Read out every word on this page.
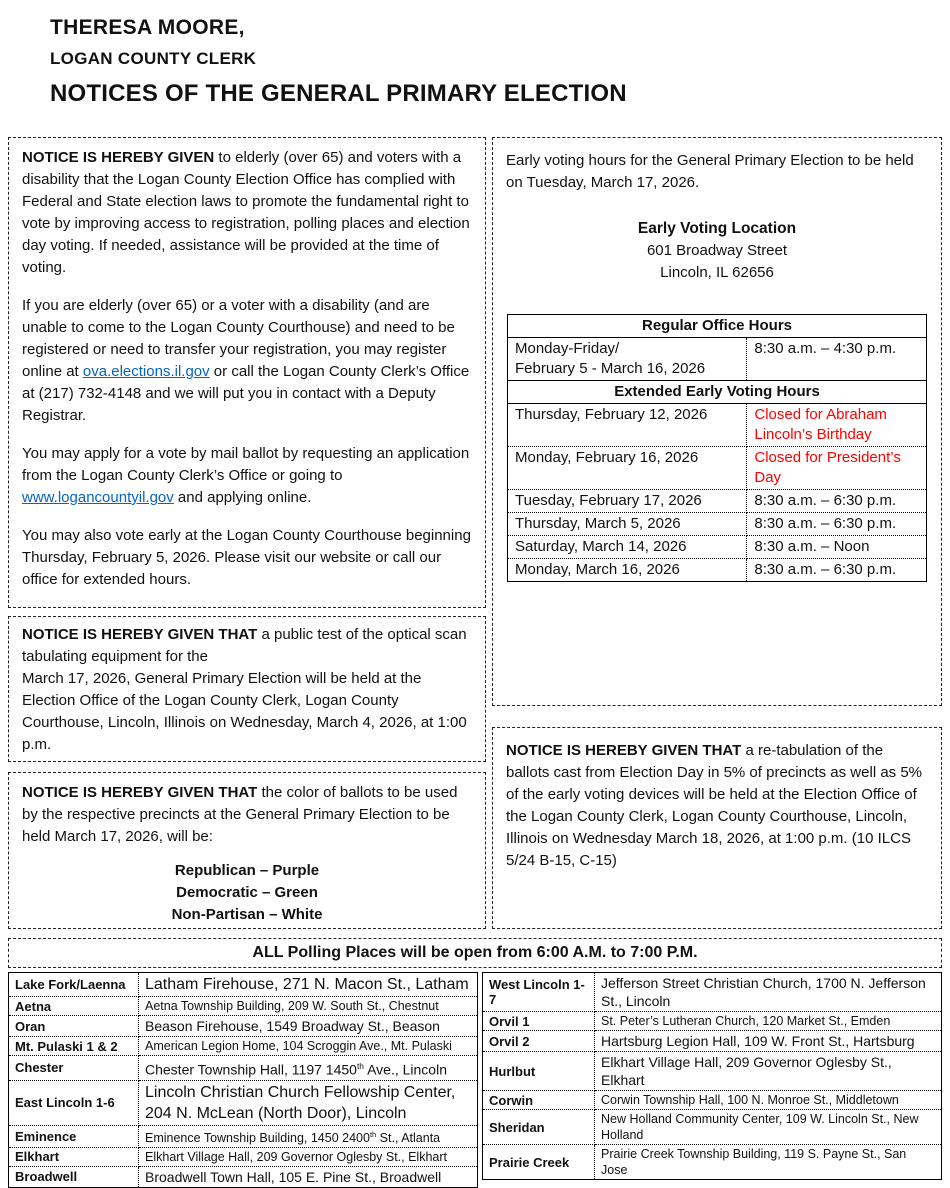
THERESA MOORE,
LOGAN COUNTY CLERK
NOTICES OF THE GENERAL PRIMARY ELECTION

NOTICE IS HEREBY GIVEN to elderly (over 65) and voters with a disability that the Logan County Election Office has complied with Federal and State election laws to promote the fundamental right to vote by improving access to registration, polling places and election day voting. If needed, assistance will be provided at the time of voting.

If you are elderly (over 65) or a voter with a disability (and are unable to come to the Logan County Courthouse) and need to be registered or need to transfer your registration, you may register online at ova.elections.il.gov or call the Logan County Clerk’s Office at (217) 732-4148 and we will put you in contact with a Deputy Registrar.

You may apply for a vote by mail ballot by requesting an application from the Logan County Clerk’s Office or going to www.logancountyil.gov and applying online.

You may also vote early at the Logan County Courthouse beginning Thursday, February 5, 2026. Please visit our website or call our office for extended hours.

NOTICE IS HEREBY GIVEN THAT a public test of the optical scan tabulating equipment for the
March 17, 2026, General Primary Election will be held at the Election Office of the Logan County Clerk, Logan County Courthouse, Lincoln, Illinois on Wednesday, March 4, 2026, at 1:00 p.m.

NOTICE IS HEREBY GIVEN THAT the color of ballots to be used by the respective precincts at the General Primary Election to be held March 17, 2026, will be:

Republican – Purple
Democratic – Green
Non-Partisan – White
Early voting hours for the General Primary Election to be held on Tuesday, March 17, 2026.
Early Voting Location
601 Broadway Street
Lincoln, IL 62656
Regular Office Hours	
Monday-Friday/
February 5 - March 16, 2026	8:30 a.m. – 4:30 p.m.
Extended Early Voting Hours	
Thursday, February 12, 2026	Closed for Abraham Lincoln’s Birthday
Monday, February 16, 2026	Closed for President’s Day
Tuesday, February 17, 2026	8:30 a.m. – 6:30 p.m.
Thursday, March 5, 2026	8:30 a.m. – 6:30 p.m.
Saturday, March 14, 2026	8:30 a.m. – Noon
Monday, March 16, 2026	8:30 a.m. – 6:30 p.m.

NOTICE IS HEREBY GIVEN THAT a re-tabulation of the ballots cast from Election Day in 5% of precincts as well as 5% of the early voting devices will be held at the Election Office of the Logan County Clerk, Logan County Courthouse, Lincoln, Illinois on Wednesday March 18, 2026, at 1:00 p.m. (10 ILCS 5/24 B-15, C-15)

ALL Polling Places will be open from 6:00 A.M. to 7:00 P.M.
Lake Fork/Laenna	Latham Firehouse, 271 N. Macon St., Latham
Aetna	Aetna Township Building, 209 W. South St., Chestnut
Oran	Beason Firehouse, 1549 Broadway St., Beason
Mt. Pulaski 1 & 2	American Legion Home, 104 Scroggin Ave., Mt. Pulaski
Chester	Chester Township Hall, 1197 1450th Ave., Lincoln
East Lincoln 1-6	Lincoln Christian Church Fellowship Center, 204 N. McLean (North Door), Lincoln
Eminence	Eminence Township Building, 1450 2400th St., Atlanta
Elkhart	Elkhart Village Hall, 209 Governor Oglesby St., Elkhart
Broadwell	Broadwell Town Hall, 105 E. Pine St., Broadwell
West Lincoln 1-7	Jefferson Street Christian Church, 1700 N. Jefferson St., Lincoln
Orvil 1	St. Peter’s Lutheran Church, 120 Market St., Emden
Orvil 2	Hartsburg Legion Hall, 109 W. Front St., Hartsburg
Hurlbut	Elkhart Village Hall, 209 Governor Oglesby St., Elkhart
Corwin	Corwin Township Hall, 100 N. Monroe St., Middletown
Sheridan	New Holland Community Center, 109 W. Lincoln St., New Holland
Prairie Creek	Prairie Creek Township Building, 119 S. Payne St., San Jose
